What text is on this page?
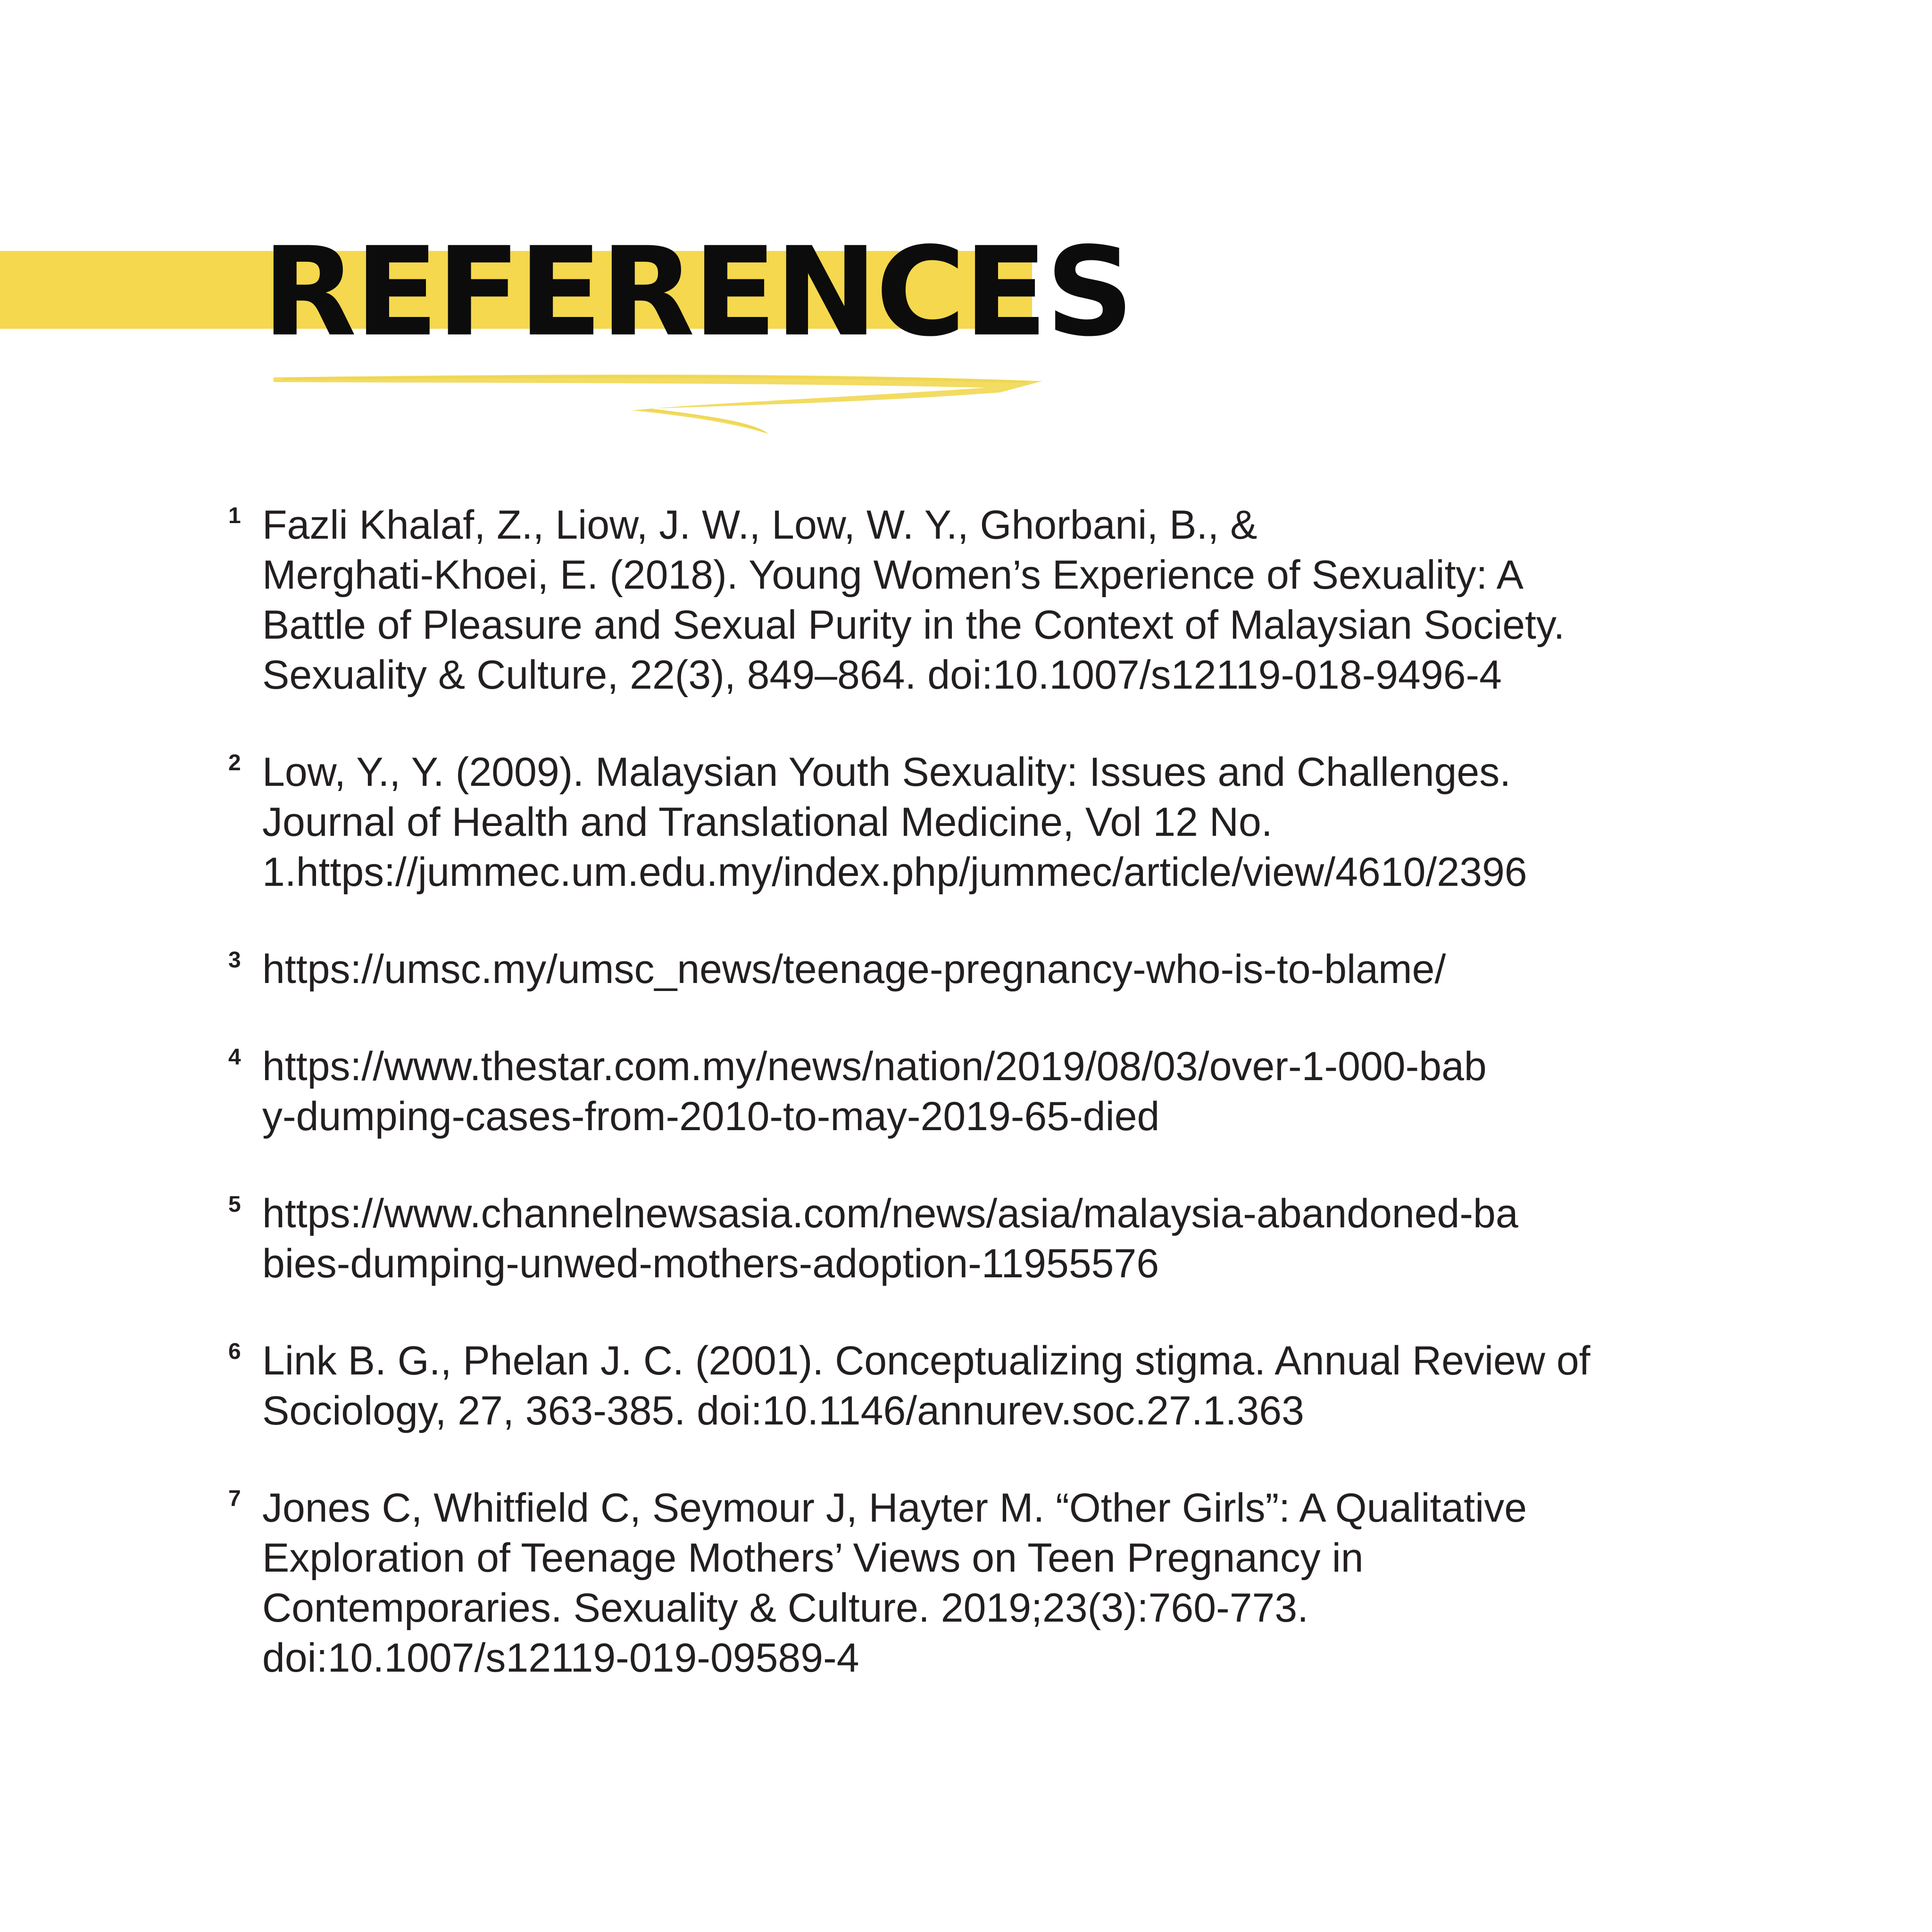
REFERENCES
1 Fazli Khalaf, Z., Liow, J. W., Low, W. Y., Ghorbani, B., &
Merghati-Khoei, E. (2018). Young Women’s Experience of Sexuality: A
Battle of Pleasure and Sexual Purity in the Context of Malaysian Society.
Sexuality & Culture, 22(3), 849–864. doi:10.1007/s12119-018-9496-4
2 Low, Y., Y. (2009). Malaysian Youth Sexuality: Issues and Challenges.
Journal of Health and Translational Medicine, Vol 12 No.
1.https://jummec.um.edu.my/index.php/jummec/article/view/4610/2396
3 https://umsc.my/umsc_news/teenage-pregnancy-who-is-to-blame/
4 https://www.thestar.com.my/news/nation/2019/08/03/over-1-000-bab
y-dumping-cases-from-2010-to-may-2019-65-died
5 https://www.channelnewsasia.com/news/asia/malaysia-abandoned-ba
bies-dumping-unwed-mothers-adoption-11955576
6 Link B. G., Phelan J. C. (2001). Conceptualizing stigma. Annual Review of
Sociology, 27, 363-385. doi:10.1146/annurev.soc.27.1.363
7 Jones C, Whitfield C, Seymour J, Hayter M. “Other Girls”: A Qualitative
Exploration of Teenage Mothers’ Views on Teen Pregnancy in
Contemporaries. Sexuality & Culture. 2019;23(3):760-773.
doi:10.1007/s12119-019-09589-4
